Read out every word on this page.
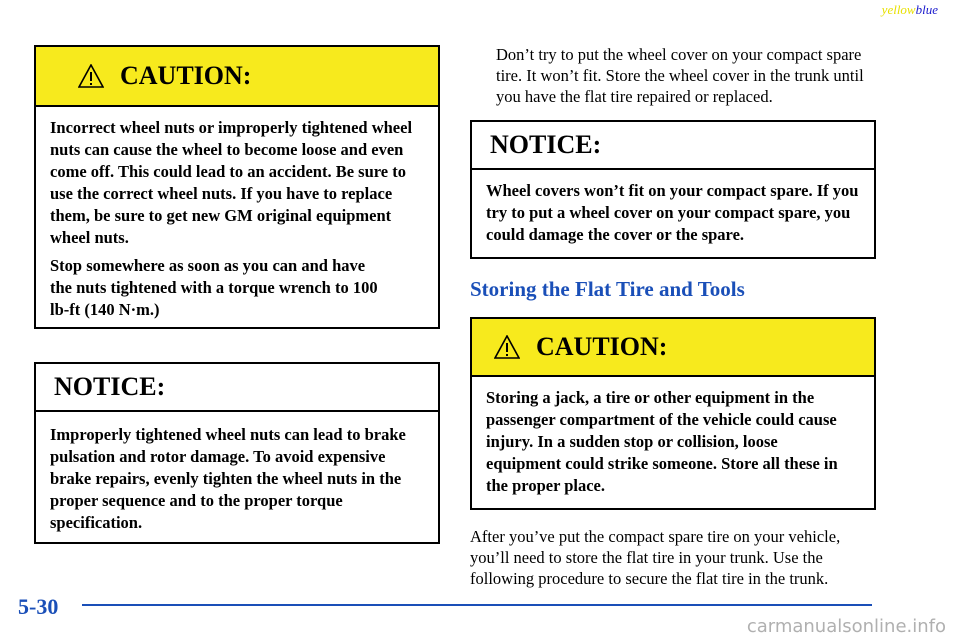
yellowblue
CAUTION:

Incorrect wheel nuts or improperly tightened wheel nuts can cause the wheel to become loose and even come off. This could lead to an accident. Be sure to use the correct wheel nuts. If you have to replace them, be sure to get new GM original equipment wheel nuts.

Stop somewhere as soon as you can and have the nuts tightened with a torque wrench to 100 lb-ft (140 N·m.)

NOTICE:

Improperly tightened wheel nuts can lead to brake pulsation and rotor damage. To avoid expensive brake repairs, evenly tighten the wheel nuts in the proper sequence and to the proper torque specification.

Don’t try to put the wheel cover on your compact spare tire. It won’t fit. Store the wheel cover in the trunk until you have the flat tire repaired or replaced.
NOTICE:

Wheel covers won’t fit on your compact spare. If you try to put a wheel cover on your compact spare, you could damage the cover or the spare.

Storing the Flat Tire and Tools
CAUTION:

Storing a jack, a tire or other equipment in the passenger compartment of the vehicle could cause injury. In a sudden stop or collision, loose equipment could strike someone. Store all these in the proper place.

After you’ve put the compact spare tire on your vehicle, you’ll need to store the flat tire in your trunk. Use the following procedure to secure the flat tire in the trunk.
5-30
carmanualsonline.info
